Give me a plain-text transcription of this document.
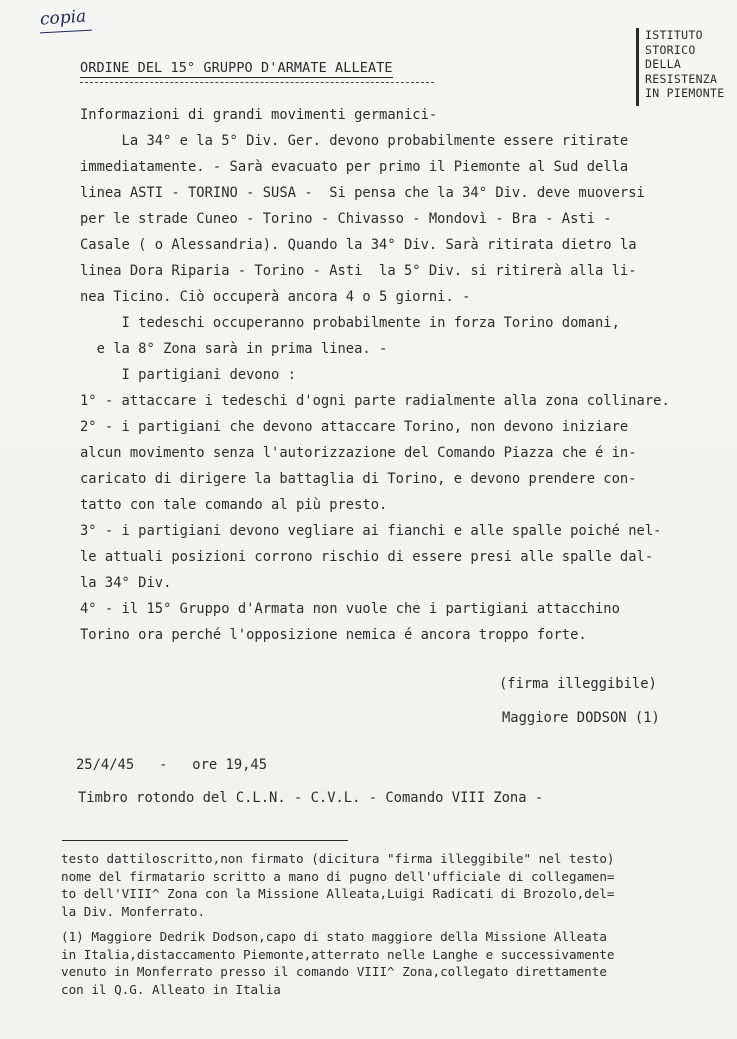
copia
ISTITUTO
STORICO
DELLA
RESISTENZA
IN PIEMONTE
ORDINE DEL 15° GRUPPO D'ARMATE ALLEATE
Informazioni di grandi movimenti germanici-
La 34° e la 5° Div. Ger. devono probabilmente essere ritirate
immediatamente. - Sarà evacuato per primo il Piemonte al Sud della
linea ASTI - TORINO - SUSA -  Si pensa che la 34° Div. deve muoversi
per le strade Cuneo - Torino - Chivasso - Mondovì - Bra - Asti -
Casale ( o Alessandria). Quando la 34° Div. Sarà ritirata dietro la
linea Dora Riparia - Torino - Asti  la 5° Div. si ritirerà alla li-
nea Ticino. Ciò occuperà ancora 4 o 5 giorni. -
I tedeschi occuperanno probabilmente in forza Torino domani,
e la 8° Zona sarà in prima linea. -
I partigiani devono :
1° - attaccare i tedeschi d'ogni parte radialmente alla zona collinare.
2° - i partigiani che devono attaccare Torino, non devono iniziare
alcun movimento senza l'autorizzazione del Comando Piazza che é in-
caricato di dirigere la battaglia di Torino, e devono prendere con-
tatto con tale comando al più presto.
3° - i partigiani devono vegliare ai fianchi e alle spalle poiché nel-
le attuali posizioni corrono rischio di essere presi alle spalle dal-
la 34° Div.
4° - il 15° Gruppo d'Armata non vuole che i partigiani attacchino
Torino ora perché l'opposizione nemica é ancora troppo forte.
(firma illeggibile)
Maggiore DODSON (1)
25/4/45   -   ore 19,45
Timbro rotondo del C.L.N. - C.V.L. - Comando VIII Zona -
testo dattiloscritto,non firmato (dicitura "firma illeggibile" nel testo)
nome del firmatario scritto a mano di pugno dell'ufficiale di collegamen=
to dell'VIII^ Zona con la Missione Alleata,Luigi Radicati di Brozolo,del=
la Div. Monferrato.
(1) Maggiore Dedrik Dodson,capo di stato maggiore della Missione Alleata
in Italia,distaccamento Piemonte,atterrato nelle Langhe e successivamente
venuto in Monferrato presso il comando VIII^ Zona,collegato direttamente
con il Q.G. Alleato in Italia
